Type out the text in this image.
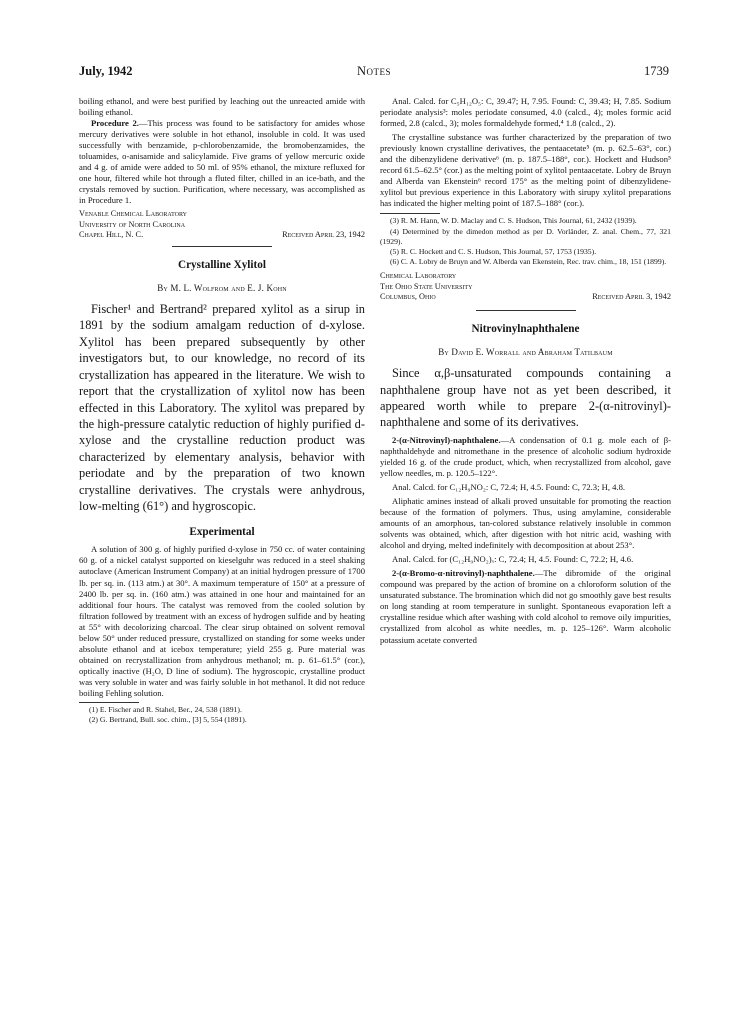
July, 1942	Notes	1739

boiling ethanol, and were best purified by leaching out the unreacted amide with boiling ethanol.

Procedure 2.—This process was found to be satisfactory for amides whose mercury derivatives were soluble in hot ethanol, insoluble in cold. It was used successfully with benzamide, p-chlorobenzamide, the bromobenzamides, the toluamides, o-anisamide and salicylamide. Five grams of yellow mercuric oxide and 4 g. of amide were added to 50 ml. of 95% ethanol, the mixture refluxed for one hour, filtered while hot through a fluted filter, chilled in an ice-bath, and the crystals removed by suction. Purification, where necessary, was accomplished as in Procedure 1.

Venable Chemical Laboratory
University of North Carolina
Chapel Hill, N. C.	Received April 23, 1942
Crystalline Xylitol
By M. L. Wolfrom and E. J. Kohn

Fischer¹ and Bertrand² prepared xylitol as a sirup in 1891 by the sodium amalgam reduction of d-xylose. Xylitol has been prepared subsequently by other investigators but, to our knowledge, no record of its crystallization has appeared in the literature. We wish to report that the crystallization of xylitol now has been effected in this Laboratory. The xylitol was prepared by the high-pressure catalytic reduction of highly purified d-xylose and the crystalline reduction product was characterized by elementary analysis, behavior with periodate and by the preparation of two known crystalline derivatives. The crystals were anhydrous, low-melting (61°) and hygroscopic.

Experimental

A solution of 300 g. of highly purified d-xylose in 750 cc. of water containing 60 g. of a nickel catalyst supported on kieselguhr was reduced in a steel shaking autoclave (American Instrument Company) at an initial hydrogen pressure of 1700 lb. per sq. in. (113 atm.) at 30°. A maximum temperature of 150° at a pressure of 2400 lb. per sq. in. (160 atm.) was attained in one hour and maintained for an additional four hours. The catalyst was removed from the cooled solution by filtration followed by treatment with an excess of hydrogen sulfide and by heating at 55° with decolorizing charcoal. The clear sirup obtained on solvent removal below 50° under reduced pressure, crystallized on standing for some weeks under absolute ethanol and at icebox temperature; yield 255 g. Pure material was obtained on recrystallization from anhydrous methanol; m. p. 61–61.5° (cor.), optically inactive (H₂O, D line of sodium). The hygroscopic, crystalline product was very soluble in water and was fairly soluble in hot methanol. It did not reduce boiling Fehling solution.

(1) E. Fischer and R. Stahel, Ber., 24, 538 (1891).

(2) G. Bertrand, Bull. soc. chim., [3] 5, 554 (1891).

Anal. Calcd. for C₅H₁₂O₅: C, 39.47; H, 7.95. Found: C, 39.43; H, 7.85. Sodium periodate analysis³: moles periodate consumed, 4.0 (calcd., 4); moles formic acid formed, 2.8 (calcd., 3); moles formaldehyde formed,⁴ 1.8 (calcd., 2).

The crystalline substance was further characterized by the preparation of two previously known crystalline derivatives, the pentaacetate⁵ (m. p. 62.5–63°, cor.) and the dibenzylidene derivative⁶ (m. p. 187.5–188°, cor.). Hockett and Hudson⁵ record 61.5–62.5° (cor.) as the melting point of xylitol pentaacetate. Lobry de Bruyn and Alberda van Ekenstein⁶ record 175° as the melting point of dibenzylidene-xylitol but previous experience in this Laboratory with sirupy xylitol preparations has indicated the higher melting point of 187.5–188° (cor.).

(3) R. M. Hann, W. D. Maclay and C. S. Hudson, This Journal, 61, 2432 (1939).

(4) Determined by the dimedon method as per D. Vorländer, Z. anal. Chem., 77, 321 (1929).

(5) R. C. Hockett and C. S. Hudson, This Journal, 57, 1753 (1935).

(6) C. A. Lobry de Bruyn and W. Alberda van Ekenstein, Rec. trav. chim., 18, 151 (1899).

Chemical Laboratory
The Ohio State University
Columbus, Ohio	Received April 3, 1942
Nitrovinylnaphthalene
By David E. Worrall and Abraham Tatilbaum

Since α,β-unsaturated compounds containing a naphthalene group have not as yet been described, it appeared worth while to prepare 2-(α-nitrovinyl)-naphthalene and some of its derivatives.

2-(α-Nitrovinyl)-naphthalene.—A condensation of 0.1 g. mole each of β-naphthaldehyde and nitromethane in the presence of alcoholic sodium hydroxide yielded 16 g. of the crude product, which, when recrystallized from alcohol, gave yellow needles, m. p. 120.5–122°.

Anal. Calcd. for C₁₂H₉NO₂: C, 72.4; H, 4.5. Found: C, 72.3; H, 4.8.

Aliphatic amines instead of alkali proved unsuitable for promoting the reaction because of the formation of polymers. Thus, using amylamine, considerable amounts of an amorphous, tan-colored substance relatively insoluble in common solvents was obtained, which, after digestion with hot nitric acid, washing with alcohol and drying, melted indefinitely with decomposition at about 253°.

Anal. Calcd. for (C₁₂H₉NO₂)ₓ: C, 72.4; H, 4.5. Found: C, 72.2; H, 4.6.

2-(α-Bromo-α-nitrovinyl)-naphthalene.—The dibromide of the original compound was prepared by the action of bromine on a chloroform solution of the unsaturated substance. The bromination which did not go smoothly gave best results on long standing at room temperature in sunlight. Spontaneous evaporation left a crystalline residue which after washing with cold alcohol to remove oily impurities, crystallized from alcohol as white needles, m. p. 125–126°. Warm alcoholic potassium acetate converted
